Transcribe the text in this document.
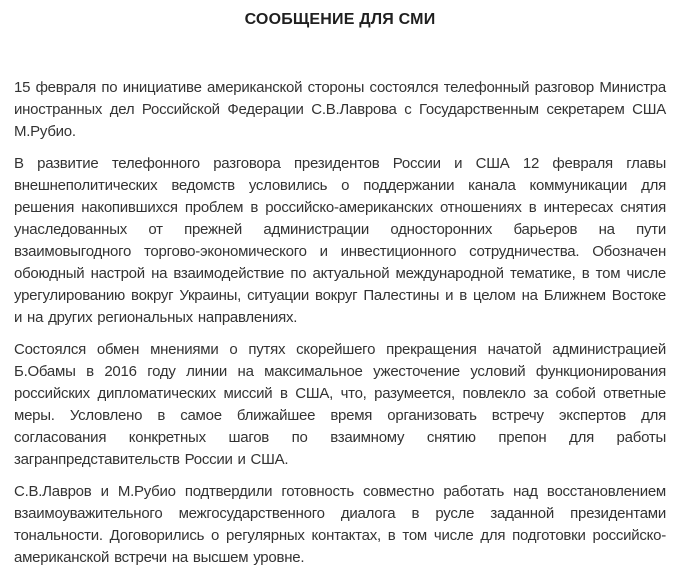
СООБЩЕНИЕ ДЛЯ СМИ

15 февраля по инициативе американской стороны состоялся телефонный разговор Министра иностранных дел Российской Федерации С.В.Лаврова с Государственным секретарем США М.Рубио.

В развитие телефонного разговора президентов России и США 12 февраля главы внешнеполитических ведомств условились о поддержании канала коммуникации для решения накопившихся проблем в российско-американских отношениях в интересах снятия унаследованных от прежней администрации односторонних барьеров на пути взаимовыгодного торгово-экономического и инвестиционного сотрудничества. Обозначен обоюдный настрой на взаимодействие по актуальной международной тематике, в том числе урегулированию вокруг Украины, ситуации вокруг Палестины и в целом на Ближнем Востоке и на других региональных направлениях.

Состоялся обмен мнениями о путях скорейшего прекращения начатой администрацией Б.Обамы в 2016 году линии на максимальное ужесточение условий функционирования российских дипломатических миссий в США, что, разумеется, повлекло за собой ответные меры. Условлено в самое ближайшее время организовать встречу экспертов для согласования конкретных шагов по взаимному снятию препон для работы загранпредставительств России и США.

С.В.Лавров и М.Рубио подтвердили готовность совместно работать над восстановлением взаимоуважительного межгосударственного диалога в русле заданной президентами тональности. Договорились о регулярных контактах, в том числе для подготовки российско-американской встречи на высшем уровне.
